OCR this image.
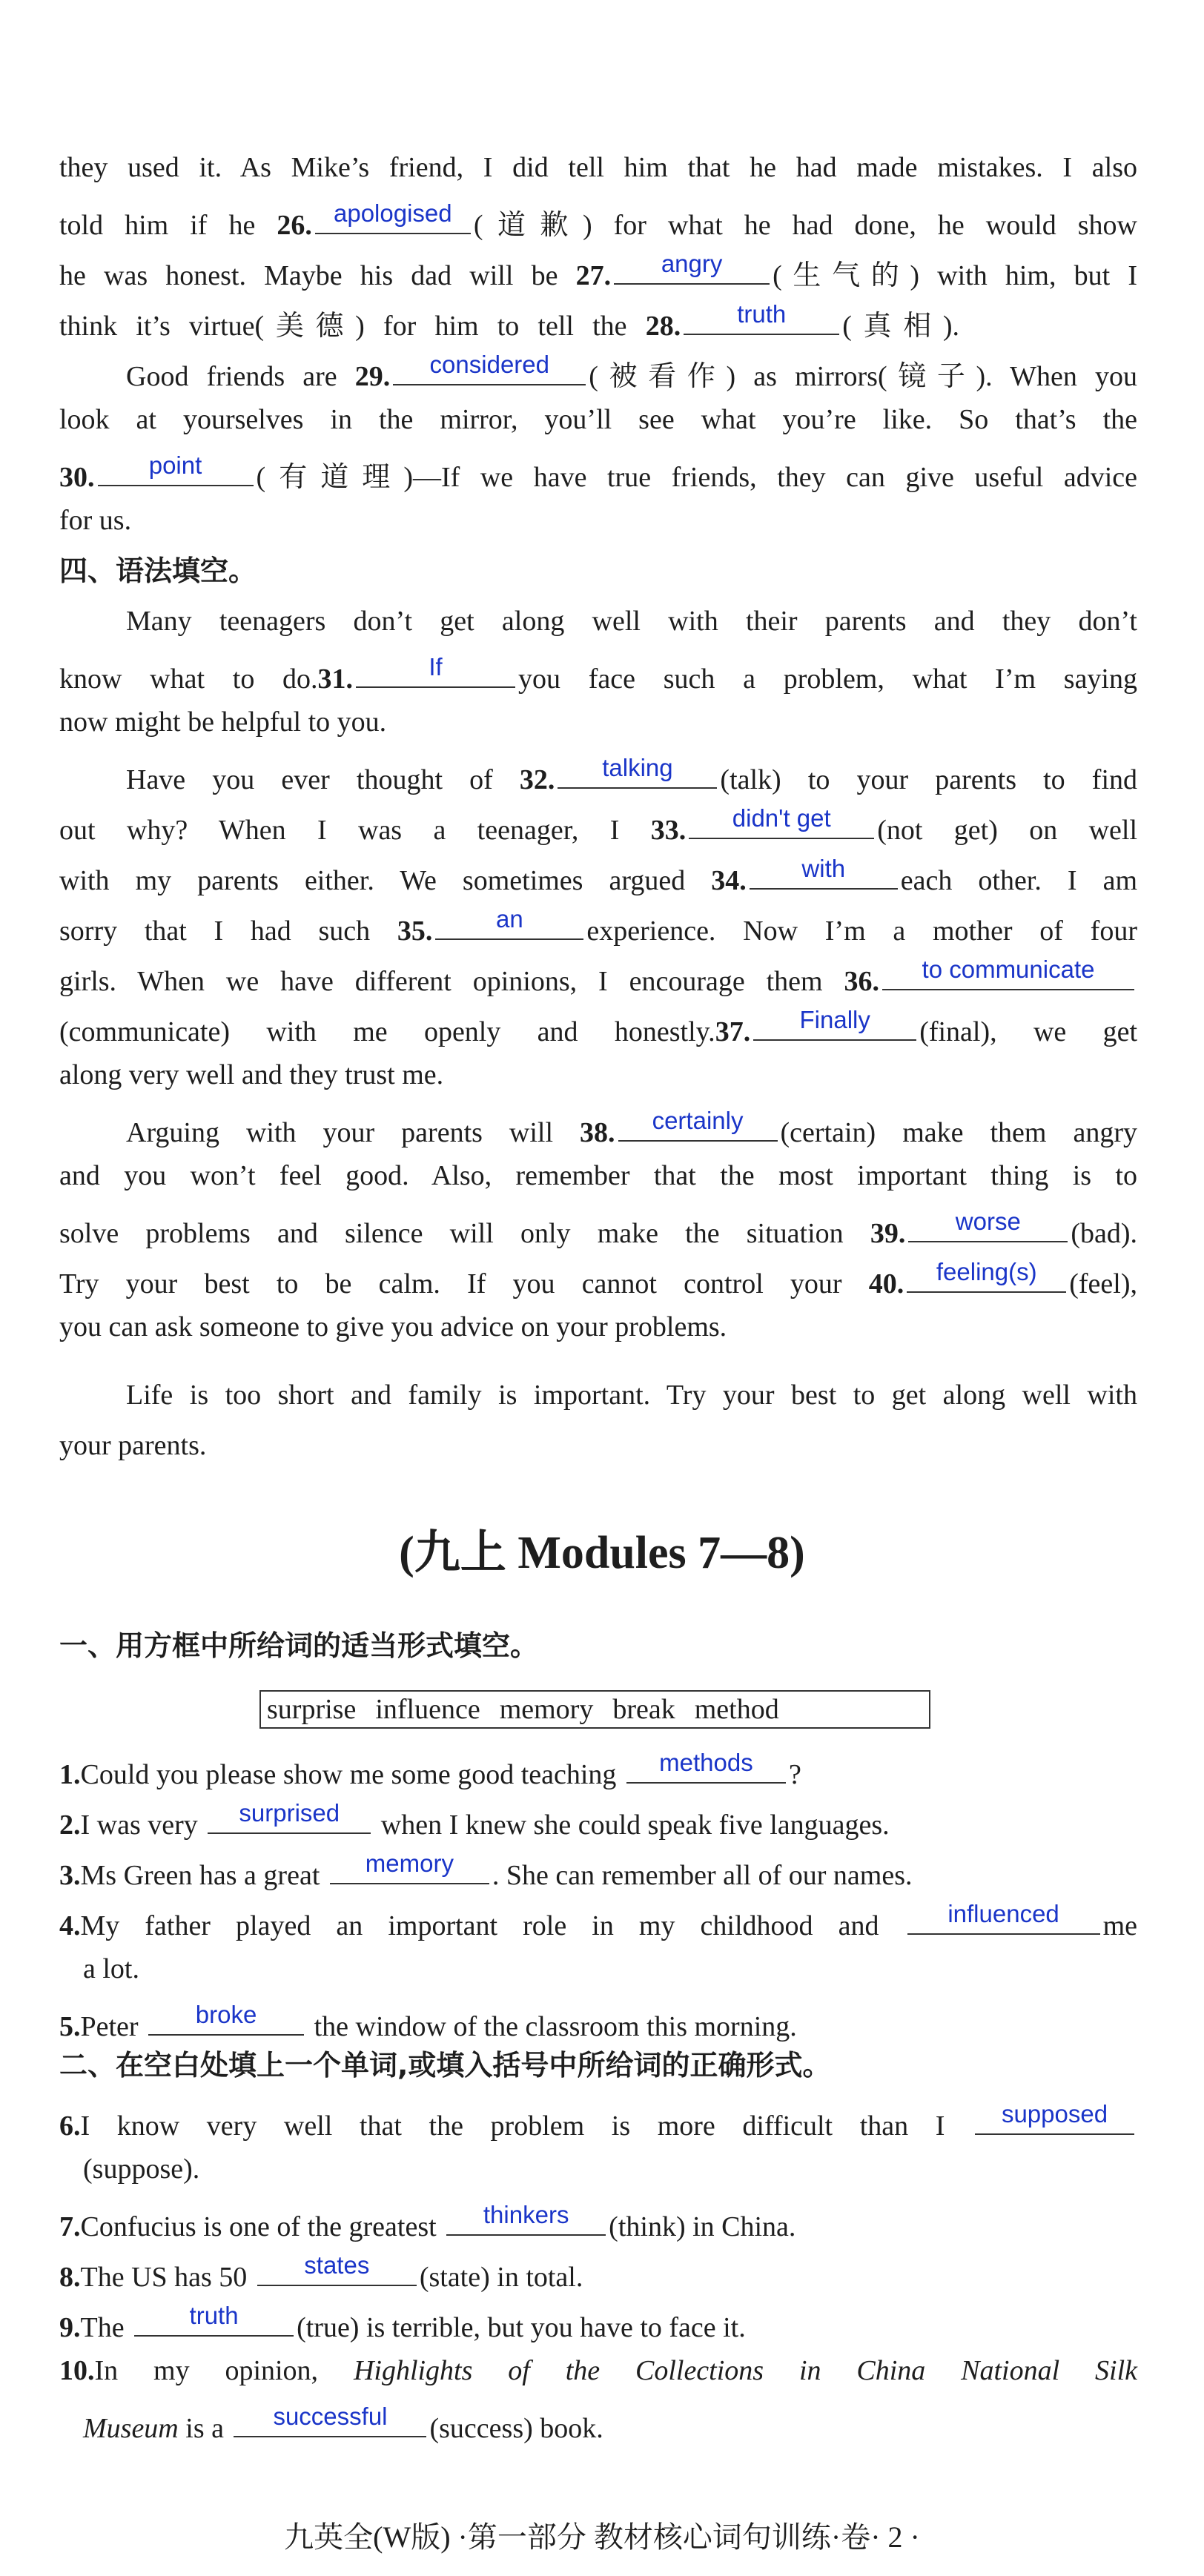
they used it. As Mike’s friend, I did tell him that he had made mistakes. I also
told him if he 26. apologised (道歉) for what he had done, he would show
he was honest. Maybe his dad will be 27.	angry	(生气的) with him, but I
think it’s virtue(美德) for him to tell the 28.	truth	(真相).
Good friends are 29.	considered	(被看作) as mirrors(镜子). When you
look at yourselves in the mirror, you’ll see what you’re like. So that’s the
30.	point	(有道理)—If we have true friends, they can give useful advice
for us.
四、语法填空。
Many teenagers don’t get along well with their parents and they don’t
know what to do.31.	If	you face such a problem, what I’m saying
now might be helpful to you.
Have you ever thought of 32.	talking	(talk) to your parents to find
out why? When I was a teenager, I 33.	didn't get	(not get) on well
with my parents either. We sometimes argued 34.	with	each other. I am
sorry that I had such 35.	an	experience. Now I’m a mother of four
girls. When we have different opinions, I encourage them 36.	to communicate
(communicate) with me openly and honestly.37.	Finally	(final), we get
along very well and they trust me.
Arguing with your parents will 38.	certainly	(certain) make them angry
and you won’t feel good. Also, remember that the most important thing is to
solve problems and silence will only make the situation 39.	worse	(bad).
Try your best to be calm. If you cannot control your 40.	feeling(s)	(feel),
you can ask someone to give you advice on your problems.
Life is too short and family is important. Try your best to get along well with
your parents.
(九上 Modules 7—8)
一、用方框中所给词的适当形式填空。
surprise influence memory break method
1.Could you please show me some good teaching	methods	?
2.I was very	surprised	when I knew she could speak five languages.
3.Ms Green has a great	memory	. She can remember all of our names.
4.My father played an important role in my childhood and	influenced	me
a lot.
5.Peter	broke	the window of the classroom this morning.
二、在空白处填上一个单词,或填入括号中所给词的正确形式。
6.I know very well that the problem is more difficult than I	supposed
(suppose).
7.Confucius is one of the greatest	thinkers	(think) in China.
8.The US has 50	states	(state) in total.
9.The	truth	(true) is terrible, but you have to face it.
10.In my opinion, Highlights of the Collections in China National Silk
Museum is a	successful	(success) book.
九英全(W版) ·第一部分 教材核心词句训练·卷· 2 ·
